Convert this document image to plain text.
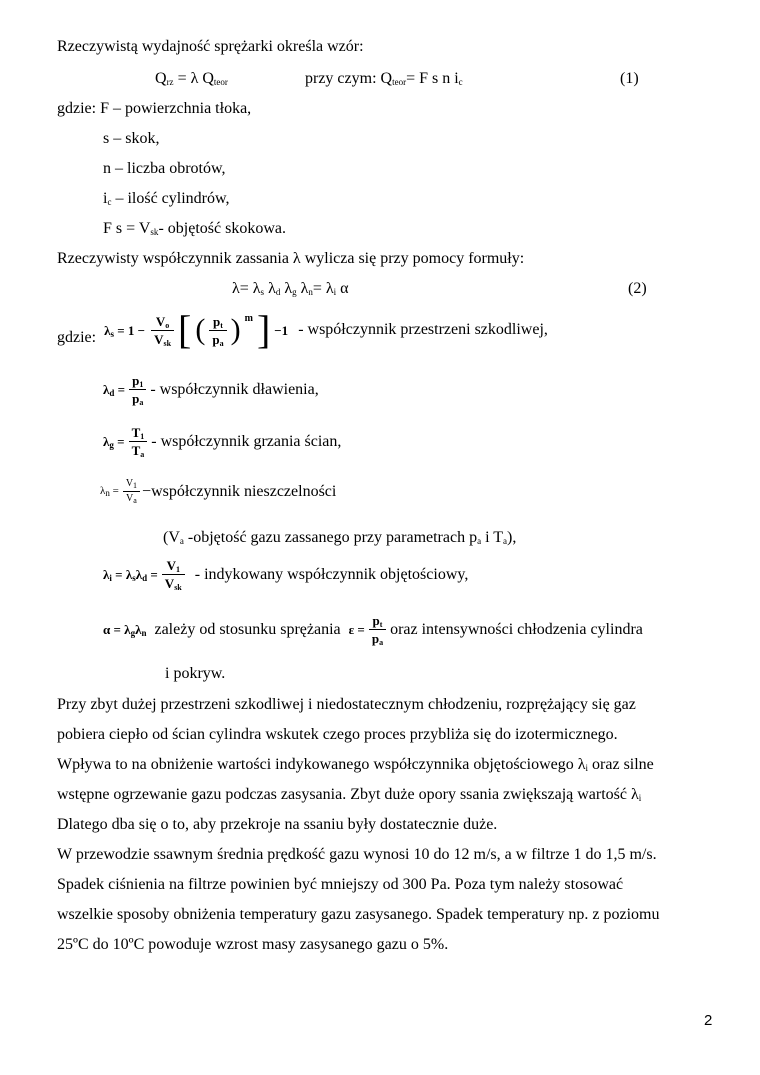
Rzeczywistą wydajność sprężarki określa wzór:
$Q_{rz} = \lambda$ $Q_{teor}$	przy czym: $Q_{teor}= F$ s n $i_c$	(1)
gdzie: F – powierzchnia tłoka,
s – skok,
n – liczba obrotów,
$i_c$ – ilość cylindrów,
F $s = V_{sk}-$ objętość skokowa.
Rzeczywisty współczynnik zassania λ wylicza się przy pomocy formuły:
$\lambda= \lambda_s$ $\lambda_d$ $\lambda_g$ $\lambda_n= \lambda_i$ α	(2)
gdzie: $\lambda_s = 1 - \frac{V_o}{V_{sk}}$ [ ( $\frac{p_t}{p_a}$ ) m ] −1 - współczynnik przestrzeni szkodliwej,
$\lambda_d = \frac{p_1}{p_a}$ - współczynnik dławienia,
$\lambda_g = \frac{T_1}{T_a}$ - współczynnik grzania ścian,
$\lambda_n = \frac{V_1}{V_a}$ −współczynnik nieszczelności
($V_a$ -objętość gazu zassanego przy parametrach $p_a$ i $T_a$),
$\lambda_i = \lambda_s\lambda_d = \frac{V_1}{V_{sk}}$ - indykowany współczynnik objętościowy,
$\alpha = \lambda_g\lambda_n$ zależy od stosunku sprężania $\varepsilon = \frac{p_t}{p_a}$ oraz intensywności chłodzenia cylindra
i pokryw.
Przy zbyt dużej przestrzeni szkodliwej i niedostatecznym chłodzeniu, rozprężający się gaz
pobiera ciepło od ścian cylindra wskutek czego proces przybliża się do izotermicznego.
Wpływa to na obniżenie wartości indykowanego współczynnika objętościowego $\lambda_i$ oraz silne
wstępne ogrzewanie gazu podczas zasysania. Zbyt duże opory ssania zwiększają wartość $\lambda_i$
Dlatego dba się o to, aby przekroje na ssaniu były dostatecznie duże.
W przewodzie ssawnym średnia prędkość gazu wynosi 10 do 12 m/s, a w filtrze 1 do 1,5 m/s.
Spadek ciśnienia na filtrze powinien być mniejszy od 300 Pa. Poza tym należy stosować
wszelkie sposoby obniżenia temperatury gazu zasysanego. Spadek temperatury np. z poziomu
25ºC do 10ºC powoduje wzrost masy zasysanego gazu o 5%.
2
